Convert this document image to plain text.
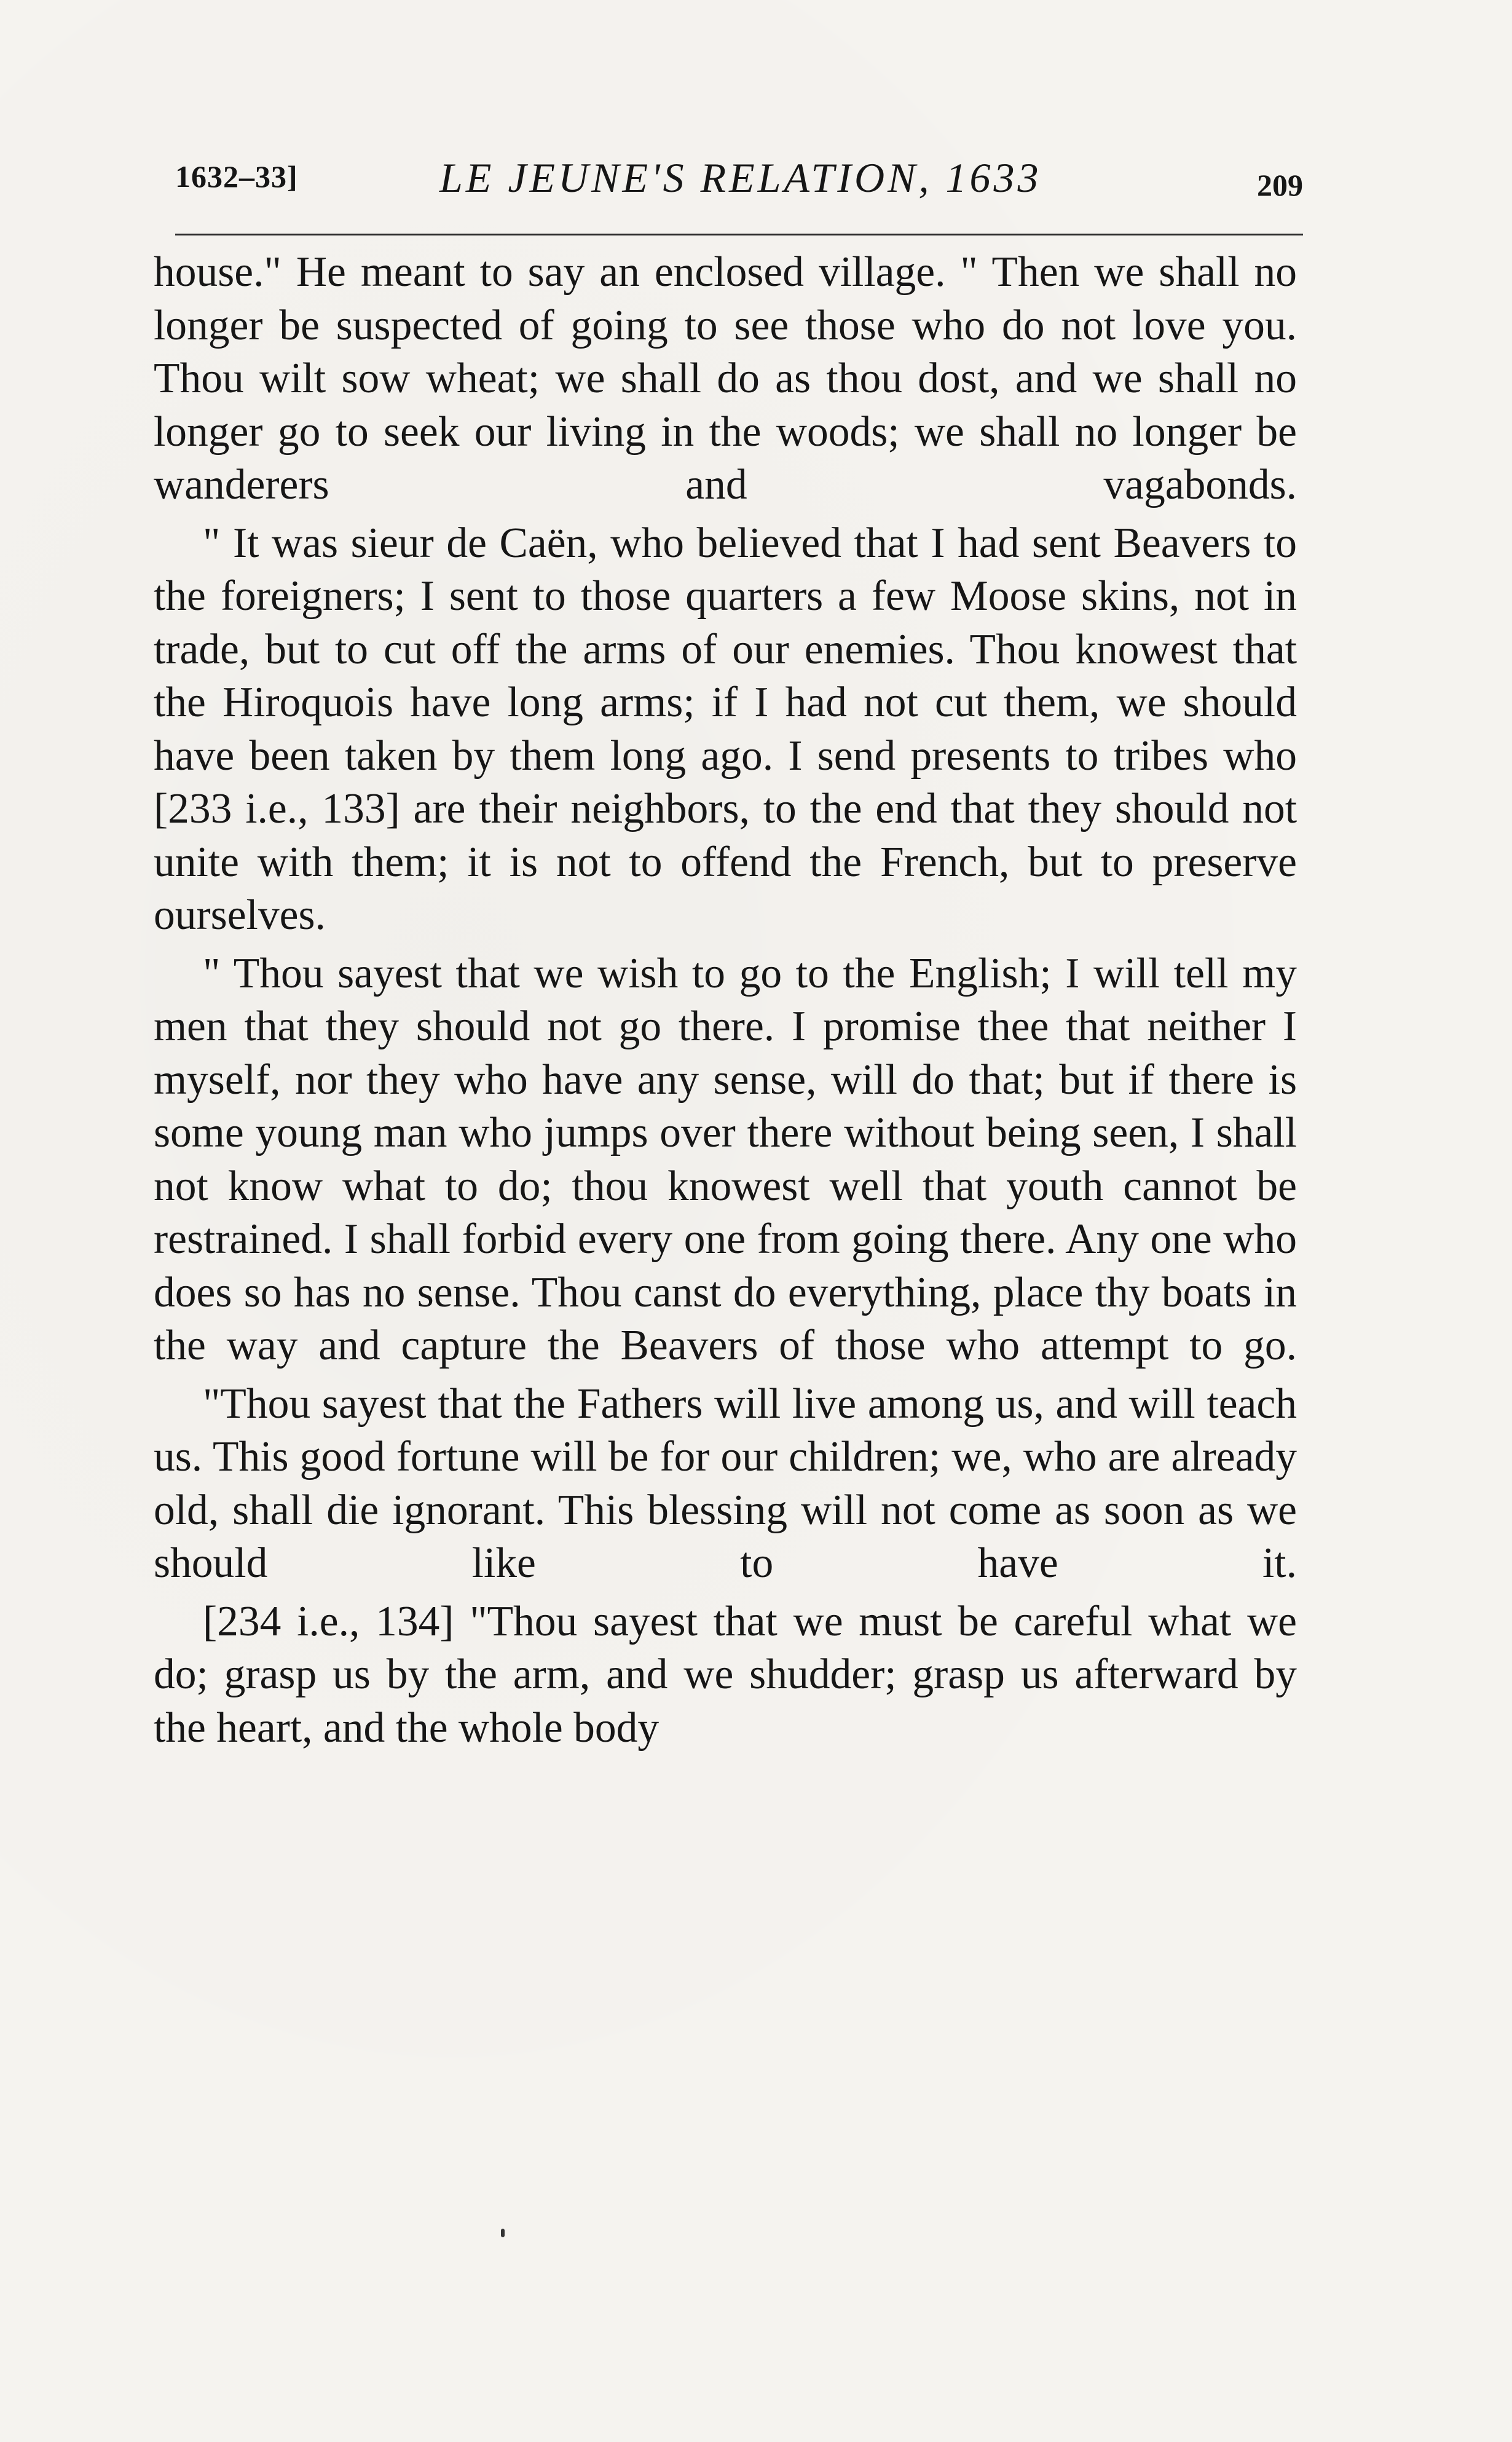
1632–33]	LE JEUNE'S RELATION, 1633	209

house." He meant to say an enclosed village. " Then we shall no longer be suspected of going to see those who do not love you. Thou wilt sow wheat; we shall do as thou dost, and we shall no longer go to seek our living in the woods; we shall no longer be wanderers and vagabonds.

" It was sieur de Caën, who believed that I had sent Beavers to the foreigners; I sent to those quarters a few Moose skins, not in trade, but to cut off the arms of our enemies. Thou knowest that the Hiroquois have long arms; if I had not cut them, we should have been taken by them long ago. I send presents to tribes who [233 i.e., 133] are their neighbors, to the end that they should not unite with them; it is not to offend the French, but to preserve ourselves.

" Thou sayest that we wish to go to the English; I will tell my men that they should not go there. I promise thee that neither I myself, nor they who have any sense, will do that; but if there is some young man who jumps over there without being seen, I shall not know what to do; thou knowest well that youth cannot be restrained. I shall forbid every one from going there. Any one who does so has no sense. Thou canst do everything, place thy boats in the way and capture the Beavers of those who attempt to go.

"Thou sayest that the Fathers will live among us, and will teach us. This good fortune will be for our children; we, who are already old, shall die ignorant. This blessing will not come as soon as we should like to have it.

[234 i.e., 134] "Thou sayest that we must be careful what we do; grasp us by the arm, and we shudder; grasp us afterward by the heart, and the whole body
